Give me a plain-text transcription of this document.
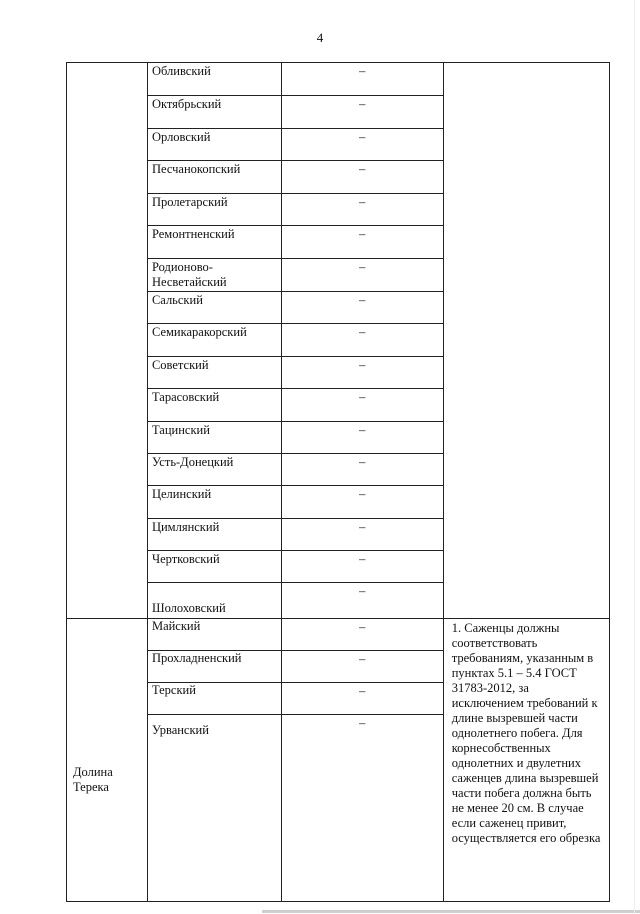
4
	Обливский	–	
	Октябрьский	–	
	Орловский	–	
	Песчанокопский	–	
	Пролетарский	–	
	Ремонтненский	–	
	Родионово-Несветайский	–	
	Сальский	–	
	Семикаракорский	–	
	Советский	–	
	Тарасовский	–	
	Тацинский	–	
	Усть-Донецкий	–	
	Целинский	–	
	Цимлянский	–	
	Чертковский	–	
	Шолоховский	–	
Долина Терека	Майский	–	1. Саженцы должны соответствовать требованиям, указанным в пунктах 5.1 – 5.4 ГОСТ 31783-2012, за исключением требований к длине вызревшей части однолетнего побега. Для корнесобственных однолетних и двулетних саженцев длина вызревшей части побега должна быть не менее 20 см. В случае если саженец привит, осуществляется его обрезка
	Прохладненский	–	
	Терский	–	
	Урванский	–	
